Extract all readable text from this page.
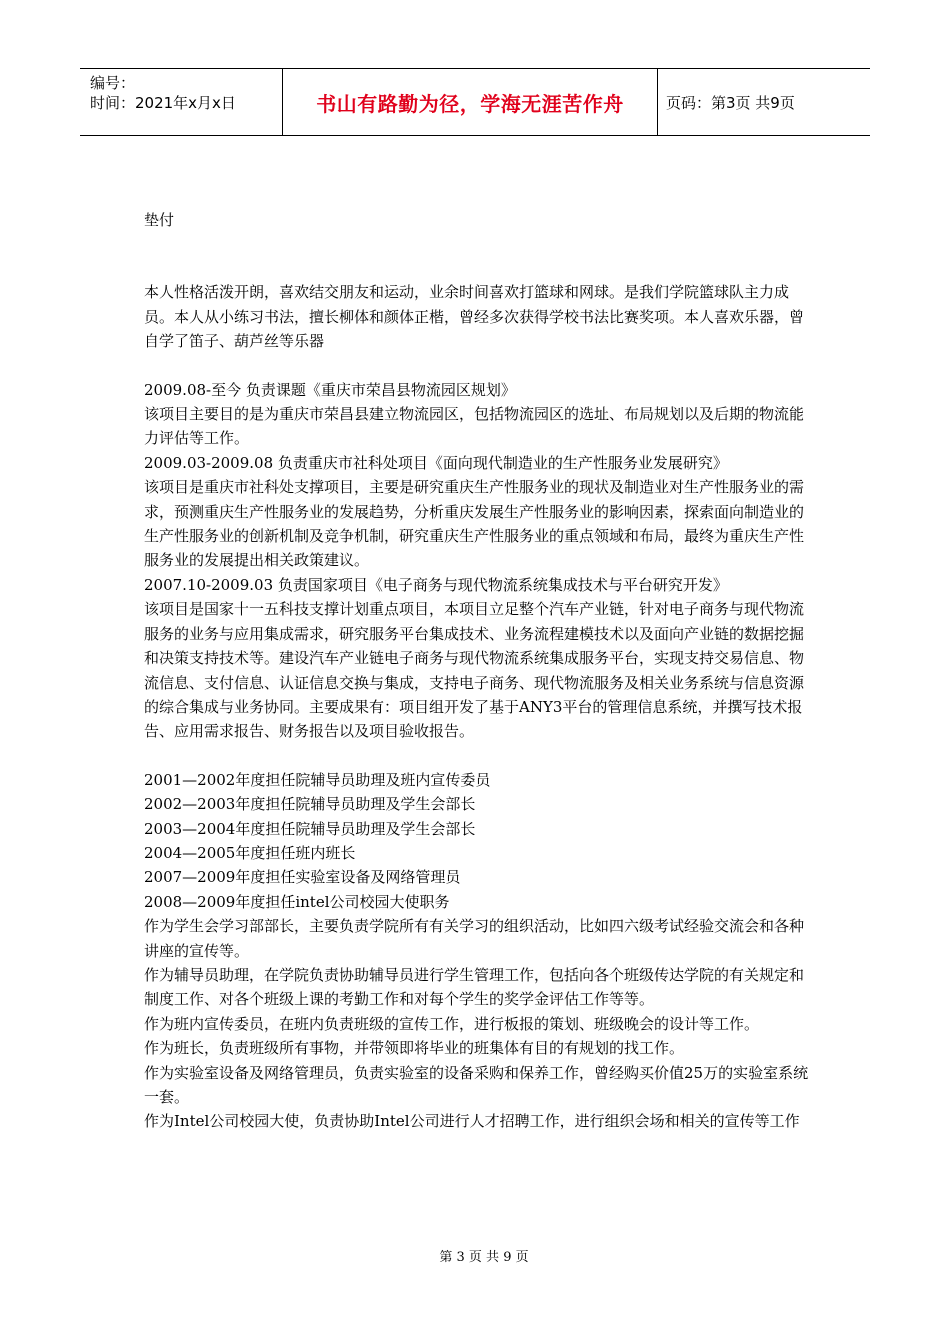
编号：
时间：2021年x月x日	书山有路勤为径，学海无涯苦作舟	页码：第3页 共9页

垫付

本人性格活泼开朗，喜欢结交朋友和运动，业余时间喜欢打篮球和网球。是我们学院篮球队主力成员。本人从小练习书法，擅长柳体和颜体正楷，曾经多次获得学校书法比赛奖项。本人喜欢乐器，曾自学了笛子、葫芦丝等乐器

2009.08-至今 负责课题《重庆市荣昌县物流园区规划》

该项目主要目的是为重庆市荣昌县建立物流园区，包括物流园区的选址、布局规划以及后期的物流能力评估等工作。

2009.03-2009.08 负责重庆市社科处项目《面向现代制造业的生产性服务业发展研究》

该项目是重庆市社科处支撑项目，主要是研究重庆生产性服务业的现状及制造业对生产性服务业的需求，预测重庆生产性服务业的发展趋势，分析重庆发展生产性服务业的影响因素，探索面向制造业的生产性服务业的创新机制及竞争机制，研究重庆生产性服务业的重点领域和布局，最终为重庆生产性服务业的发展提出相关政策建议。

2007.10-2009.03 负责国家项目《电子商务与现代物流系统集成技术与平台研究开发》

该项目是国家十一五科技支撑计划重点项目，本项目立足整个汽车产业链，针对电子商务与现代物流服务的业务与应用集成需求，研究服务平台集成技术、业务流程建模技术以及面向产业链的数据挖掘和决策支持技术等。建设汽车产业链电子商务与现代物流系统集成服务平台，实现支持交易信息、物流信息、支付信息、认证信息交换与集成，支持电子商务、现代物流服务及相关业务系统与信息资源的综合集成与业务协同。主要成果有：项目组开发了基于ANY3平台的管理信息系统，并撰写技术报告、应用需求报告、财务报告以及项目验收报告。

2001—2002年度担任院辅导员助理及班内宣传委员

2002—2003年度担任院辅导员助理及学生会部长

2003—2004年度担任院辅导员助理及学生会部长

2004—2005年度担任班内班长

2007—2009年度担任实验室设备及网络管理员

2008—2009年度担任intel公司校园大使职务

作为学生会学习部部长，主要负责学院所有有关学习的组织活动，比如四六级考试经验交流会和各种讲座的宣传等。

作为辅导员助理，在学院负责协助辅导员进行学生管理工作，包括向各个班级传达学院的有关规定和制度工作、对各个班级上课的考勤工作和对每个学生的奖学金评估工作等等。

作为班内宣传委员，在班内负责班级的宣传工作，进行板报的策划、班级晚会的设计等工作。

作为班长，负责班级所有事物，并带领即将毕业的班集体有目的有规划的找工作。

作为实验室设备及网络管理员，负责实验室的设备采购和保养工作，曾经购买价值25万的实验室系统一套。

作为Intel公司校园大使，负责协助Intel公司进行人才招聘工作，进行组织会场和相关的宣传等工作

第 3 页 共 9 页
